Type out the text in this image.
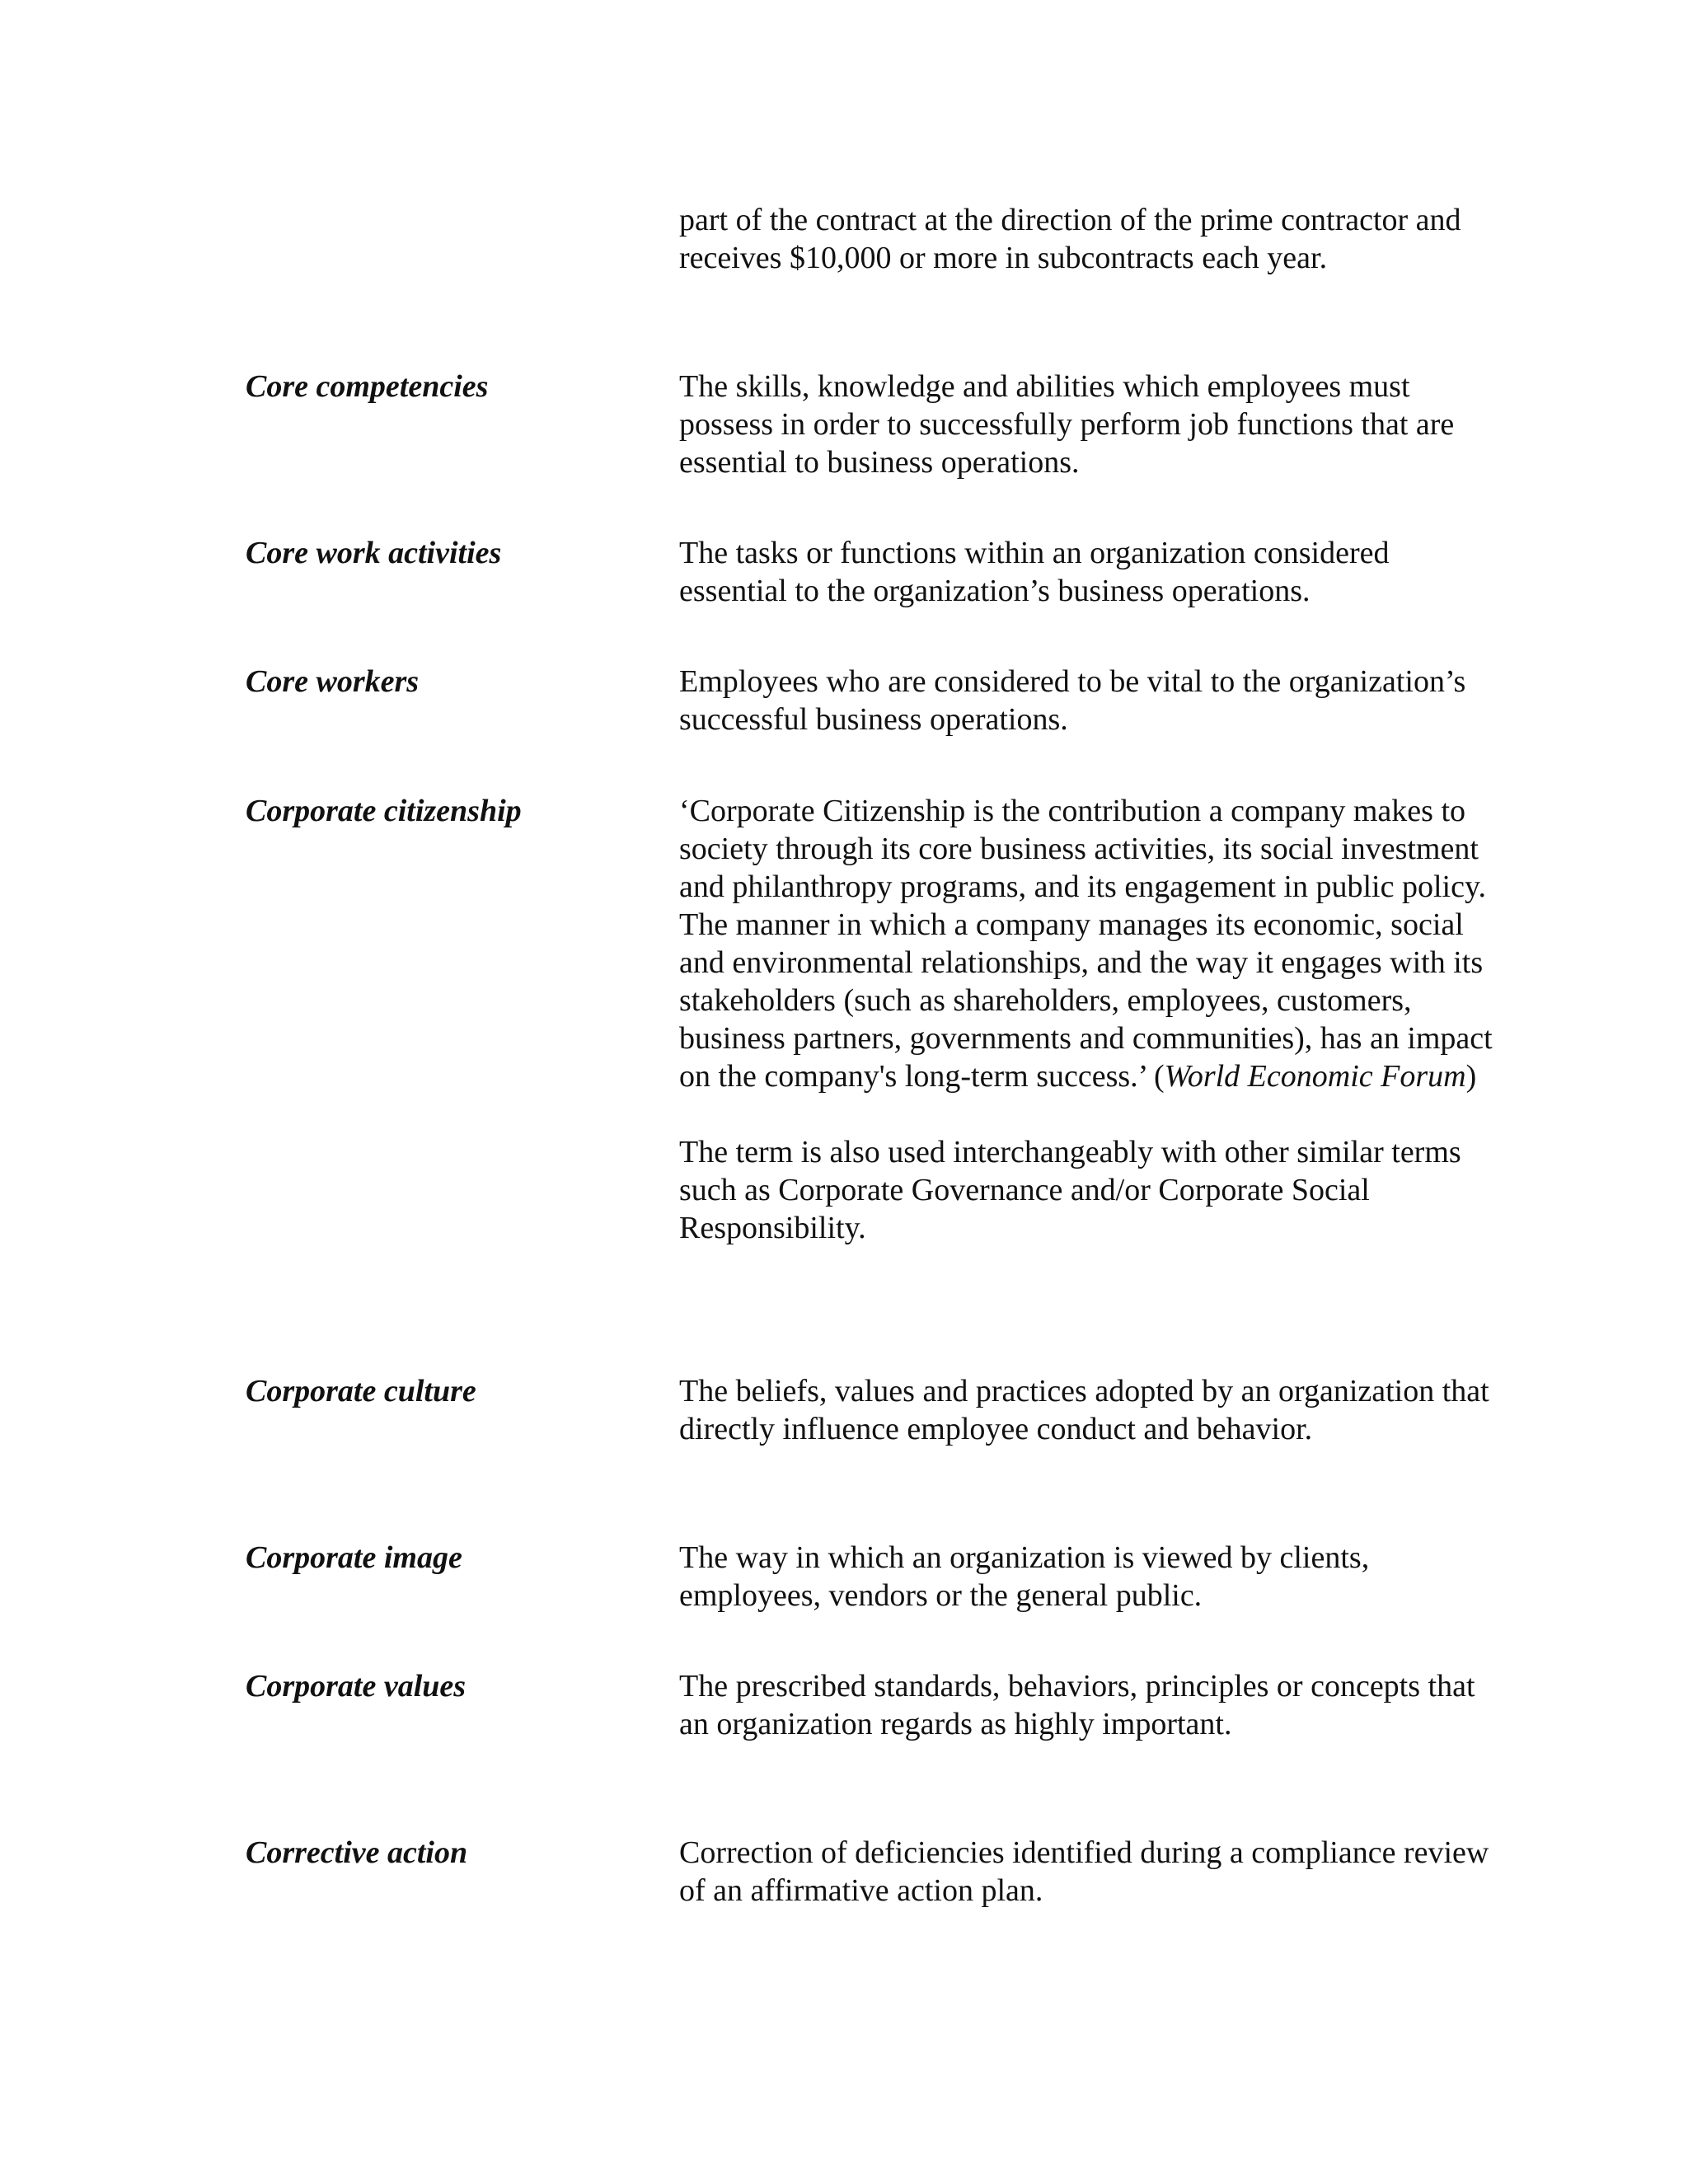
part of the contract at the direction of the prime contractor and receives $10,000 or more in subcontracts each year.
Core competencies	The skills, knowledge and abilities which employees must possess in order to successfully perform job functions that are essential to business operations.
Core work activities	The tasks or functions within an organization considered essential to the organization’s business operations.
Core workers	Employees who are considered to be vital to the organization’s successful business operations.
Corporate citizenship	‘Corporate Citizenship is the contribution a company makes to society through its core business activities, its social investment and philanthropy programs, and its engagement in public policy. The manner in which a company manages its economic, social and environmental relationships, and the way it engages with its stakeholders (such as shareholders, employees, customers, business partners, governments and communities), has an impact on the company's long-term success.’ (World Economic Forum)

The term is also used interchangeably with other similar terms such as Corporate Governance and/or Corporate Social Responsibility.

Corporate culture	The beliefs, values and practices adopted by an organization that directly influence employee conduct and behavior.
Corporate image	The way in which an organization is viewed by clients, employees, vendors or the general public.
Corporate values	The prescribed standards, behaviors, principles or concepts that an organization regards as highly important.
Corrective action	Correction of deficiencies identified during a compliance review of an affirmative action plan.
